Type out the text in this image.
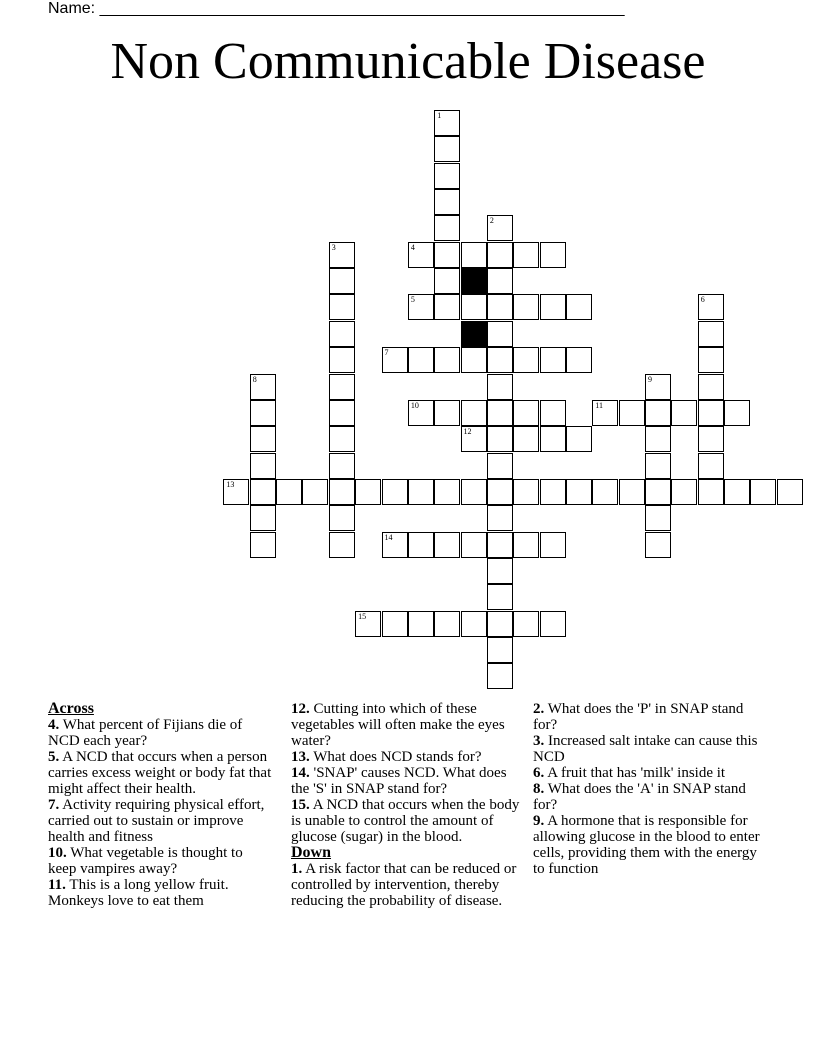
Name: ___________________________________________________________
Non Communicable Disease
4
5
7
10	11
12
13
14
15
1
2
3
6
8	9

Across

4. What percent of Fijians die of NCD each year?

5. A NCD that occurs when a person carries excess weight or body fat that might affect their health.

7. Activity requiring physical effort, carried out to sustain or improve health and fitness

10. What vegetable is thought to keep vampires away?

11. This is a long yellow fruit. Monkeys love to eat them

12. Cutting into which of these vegetables will often make the eyes water?

13. What does NCD stands for?

14. 'SNAP' causes NCD. What does the 'S' in SNAP stand for?

15. A NCD that occurs when the body is unable to control the amount of glucose (sugar) in the blood.

Down

1. A risk factor that can be reduced or controlled by intervention, thereby reducing the probability of disease.

2. What does the 'P' in SNAP stand for?

3. Increased salt intake can cause this NCD

6. A fruit that has 'milk' inside it

8. What does the 'A' in SNAP stand for?

9. A hormone that is responsible for allowing glucose in the blood to enter cells, providing them with the energy to function
